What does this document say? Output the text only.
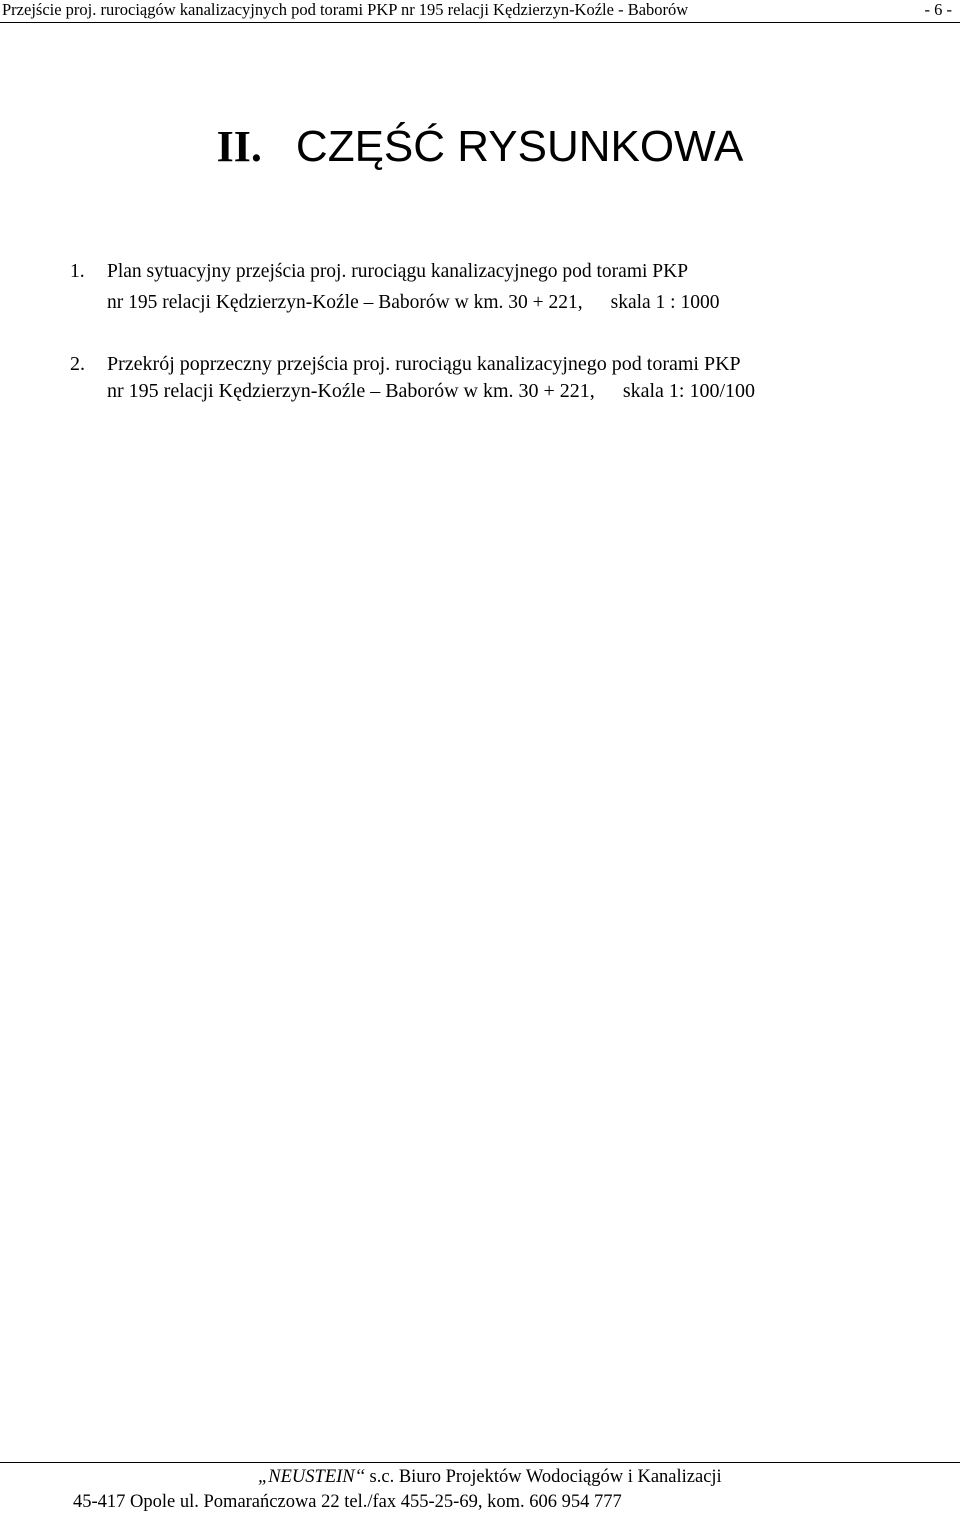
Przejście proj. rurociągów kanalizacyjnych pod torami PKP nr 195 relacji Kędzierzyn-Koźle - Baborów	- 6 -
II. CZĘŚĆ RYSUNKOWA
1. Plan sytuacyjny przejścia proj. rurociągu kanalizacyjnego pod torami PKP
nr 195 relacji Kędzierzyn-Koźle – Baborów w km. 30 + 221, skala 1 : 1000
2. Przekrój poprzeczny przejścia proj. rurociągu kanalizacyjnego pod torami PKP
nr 195 relacji Kędzierzyn-Koźle – Baborów w km. 30 + 221, skala 1: 100/100
„NEUSTEIN‘‘ s.c. Biuro Projektów Wodociągów i Kanalizacji
45-417 Opole ul. Pomarańczowa 22 tel./fax 455-25-69, kom. 606 954 777
